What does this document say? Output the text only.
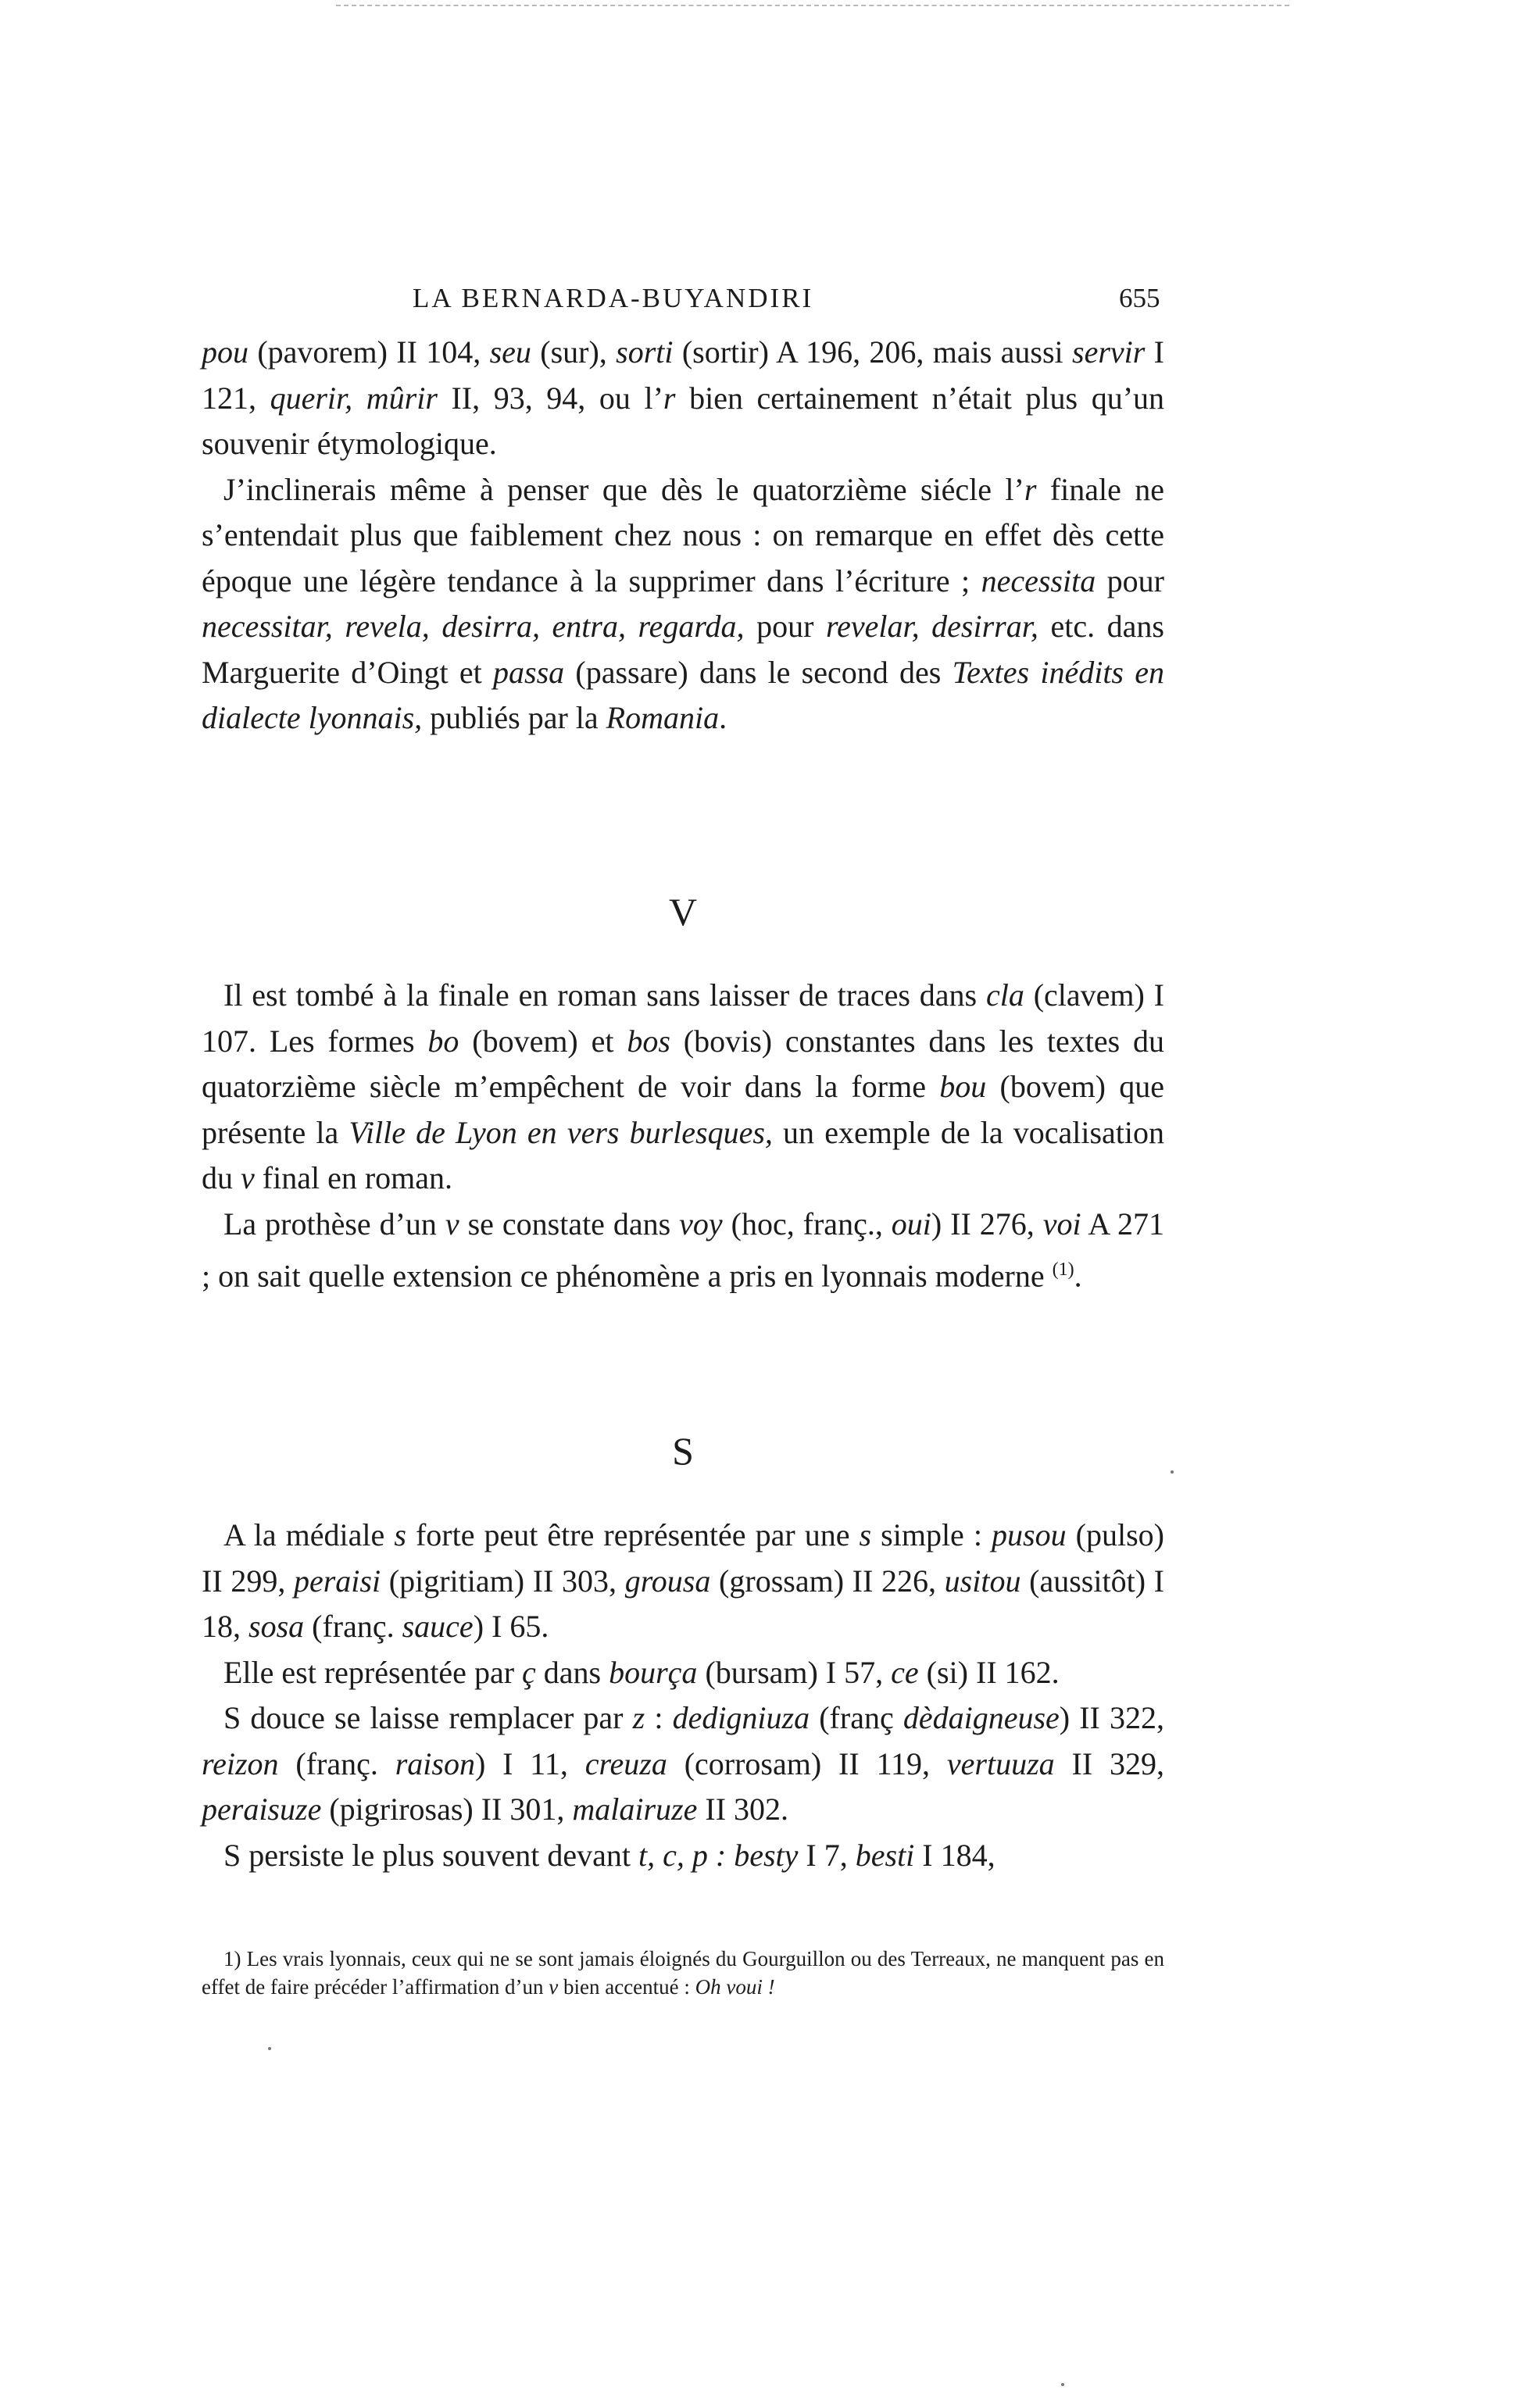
LA BERNARDA-BUYANDIRI	655

pou (pavorem) II 104, seu (sur), sorti (sortir) A 196, 206, mais aussi servir I 121, querir, mûrir II, 93, 94, ou l’r bien certainement n’était plus qu’un souvenir étymologique.

J’inclinerais même à penser que dès le quatorzième siécle l’r finale ne s’entendait plus que faiblement chez nous : on remarque en effet dès cette époque une légère tendance à la supprimer dans l’écriture ; necessita pour necessitar, revela, desirra, entra, regarda, pour revelar, desirrar, etc. dans Marguerite d’Oingt et passa (passare) dans le second des Textes inédits en dialecte lyonnais, publiés par la Romania.

V

Il est tombé à la finale en roman sans laisser de traces dans cla (clavem) I 107. Les formes bo (bovem) et bos (bovis) constantes dans les textes du quatorzième siècle m’empêchent de voir dans la forme bou (bovem) que présente la Ville de Lyon en vers burlesques, un exemple de la vocalisation du v final en roman.

La prothèse d’un v se constate dans voy (hoc, franç., oui) II 276, voi A 271 ; on sait quelle extension ce phénomène a pris en lyonnais moderne $^{(1)}$.

S

A la médiale s forte peut être représentée par une s simple : pusou (pulso) II 299, peraisi (pigritiam) II 303, grousa (grossam) II 226, usitou (aussitôt) I 18, sosa (franç. sauce) I 65.

Elle est représentée par ç dans bourça (bursam) I 57, ce (si) II 162.

S douce se laisse remplacer par z : dedigniuza (franç dèdaigneuse) II 322, reizon (franç. raison) I 11, creuza (corrosam) II 119, vertuuza II 329, peraisuze (pigrirosas) II 301, malairuze II 302.

S persiste le plus souvent devant t, c, p : besty I 7, besti I 184,

1) Les vrais lyonnais, ceux qui ne se sont jamais éloignés du Gourguillon ou des Terreaux, ne manquent pas en effet de faire précéder l’affirmation d’un v bien accentué : Oh voui !
